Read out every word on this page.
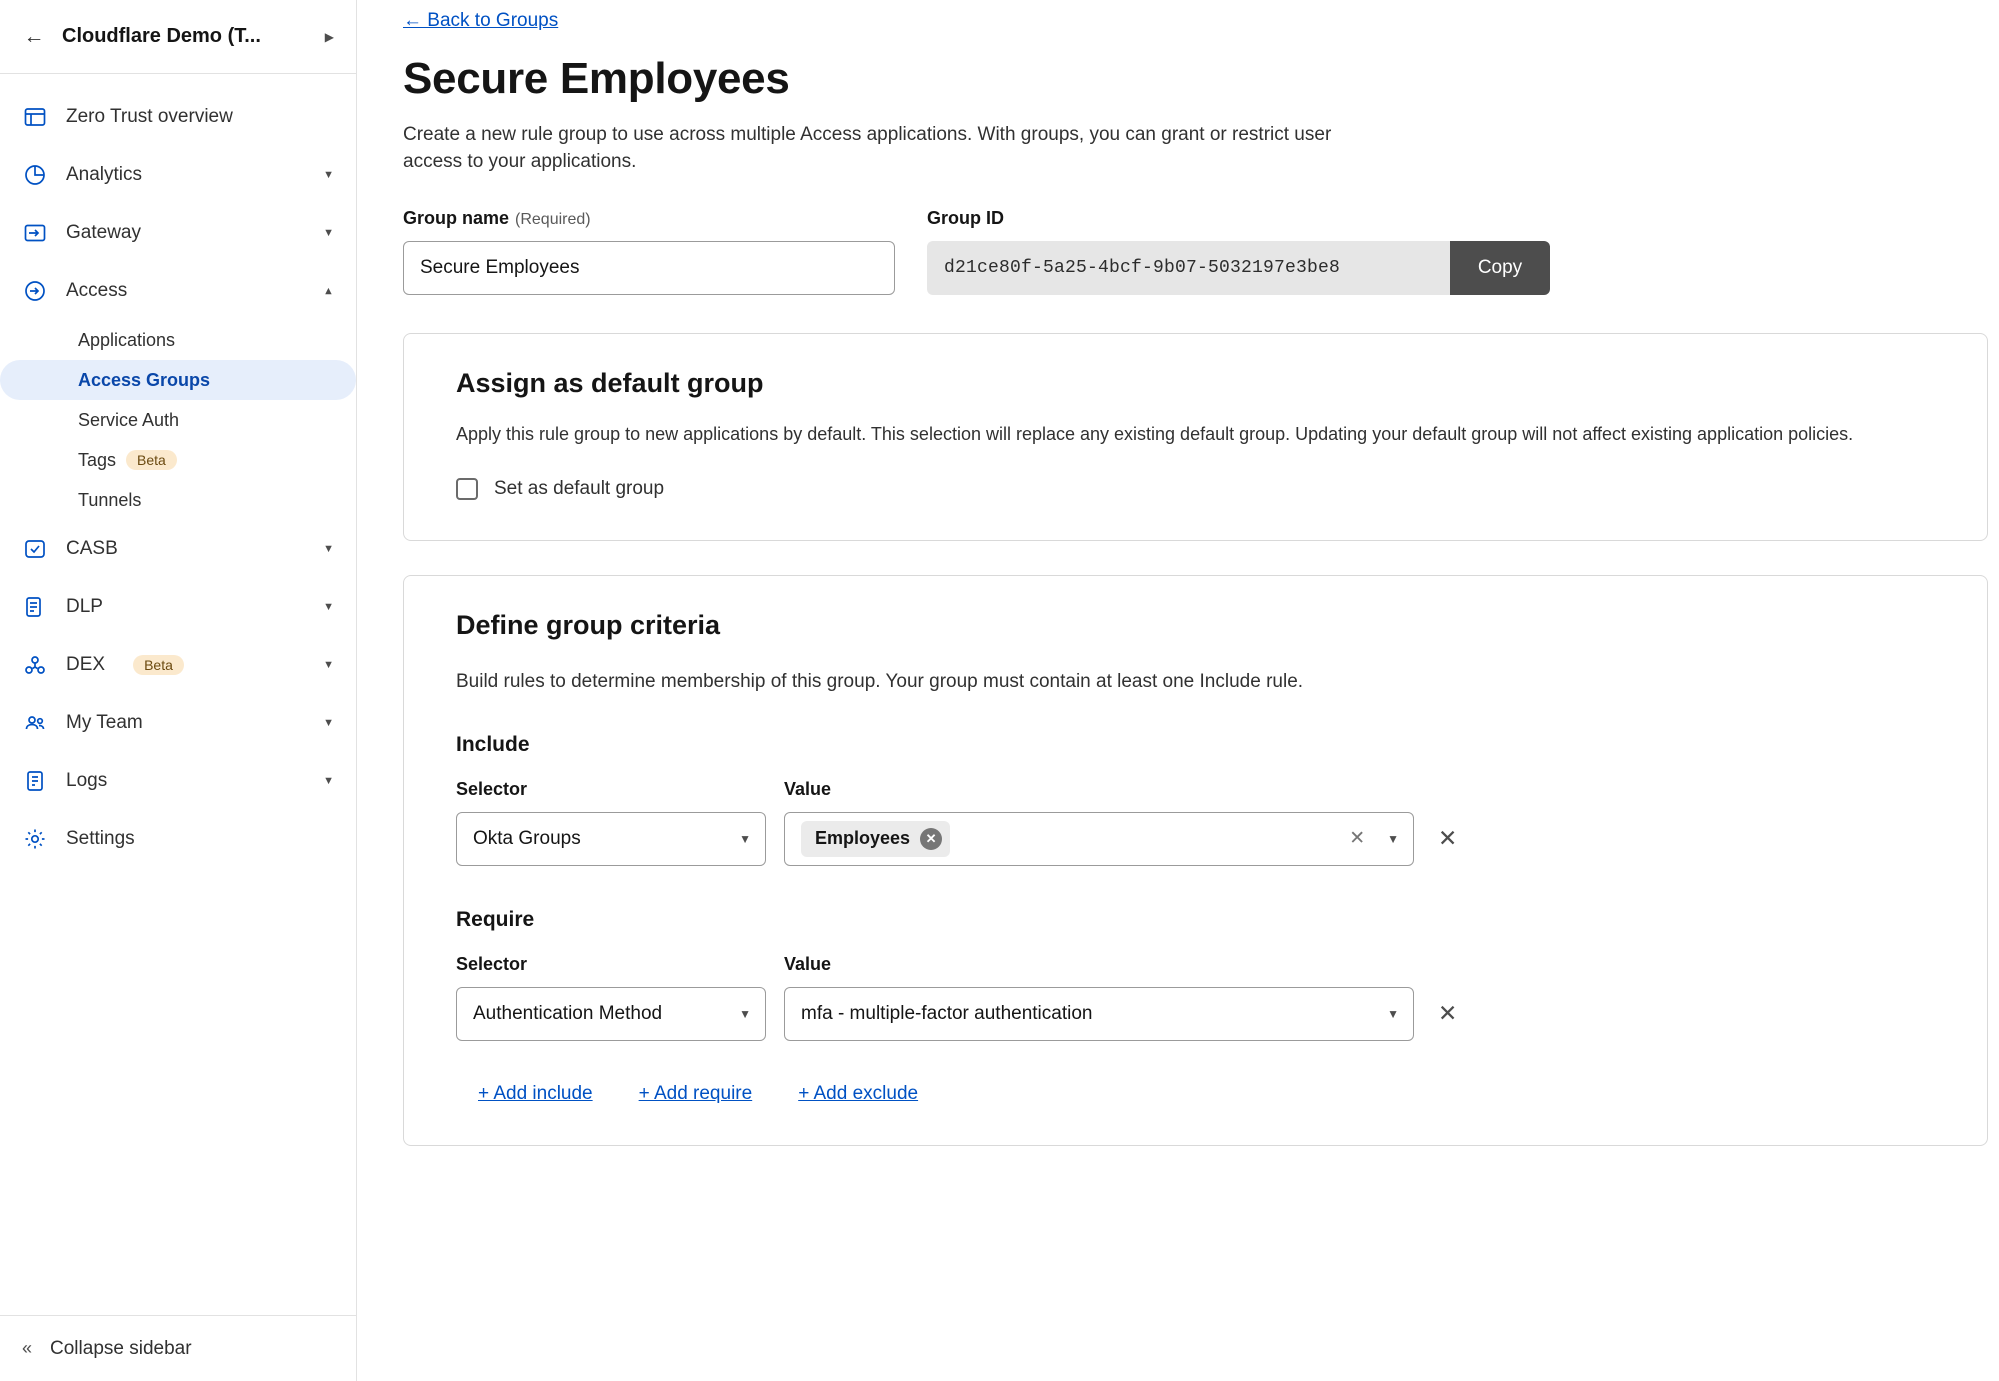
← Cloudflare Demo (T...	▶
Zero Trust overview
Analytics	▼
Gateway	▼
Access	▼
Applications
Access Groups
Service Auth
Tags	Beta
Tunnels
CASB	▼
DLP	▼
DEX	Beta	▼
My Team	▼
Logs	▼
Settings
« Collapse sidebar
← Back to Groups
Secure Employees
Create a new rule group to use across multiple Access applications. With groups, you can grant or restrict user access to your applications.
Group name (Required)
Secure Employees	Group ID
d21ce80f-5a25-4bcf-9b07-5032197e3be8	Copy
Assign as default group
Apply this rule group to new applications by default. This selection will replace any existing default group. Updating your default group will not affect existing application policies.
Set as default group
Define group criteria
Build rules to determine membership of this group. Your group must contain at least one Include rule.
Include
Selector
Okta Groups	▼
Value
Employees	✕	✕ ▼ ✕
Require
Selector
Authentication Method	▼
Value
mfa - multiple-factor authentication	▼ ✕
+ Add include + Add require + Add exclude
